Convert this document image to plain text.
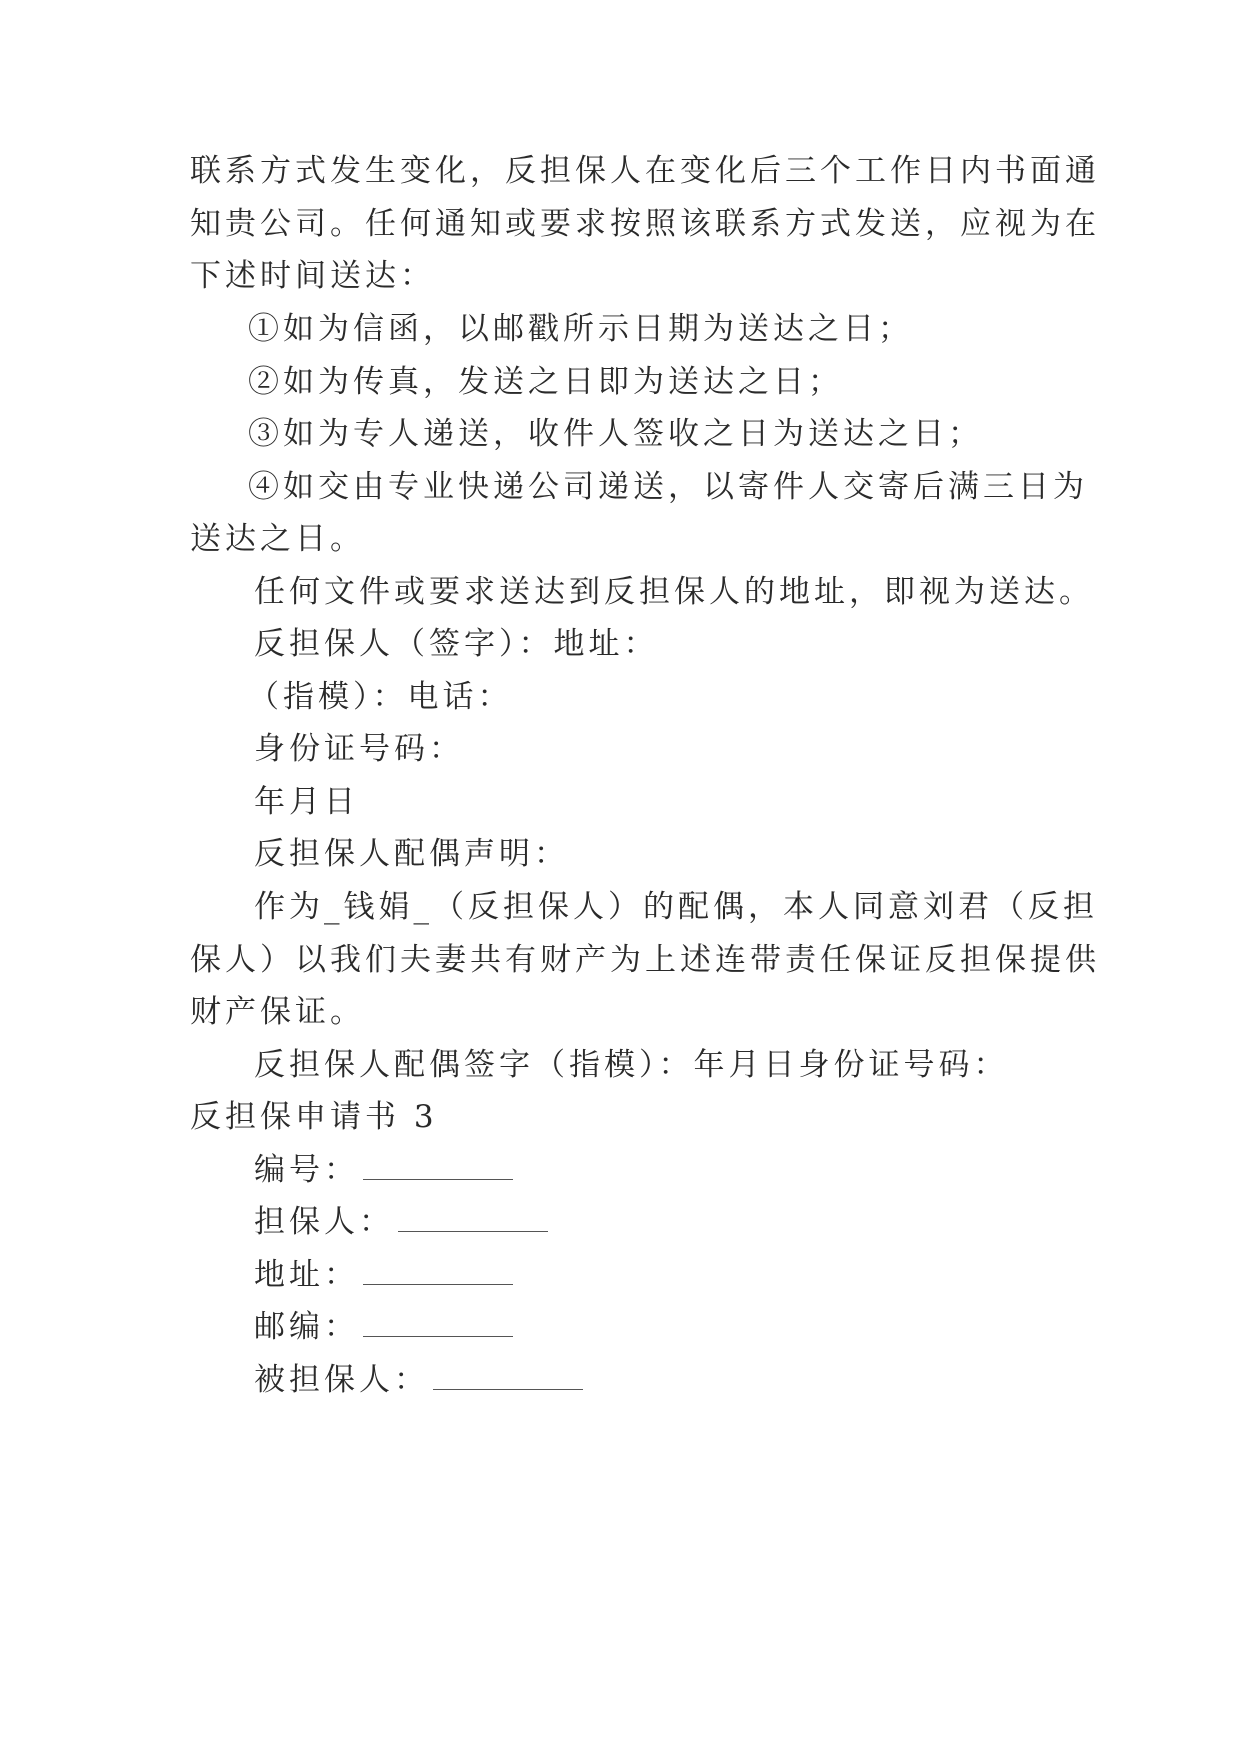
联系方式发生变化，反担保人在变化后三个工作日内书面通
知贵公司。任何通知或要求按照该联系方式发送，应视为在
下述时间送达：
①如为信函，以邮戳所示日期为送达之日；
②如为传真，发送之日即为送达之日；
③如为专人递送，收件人签收之日为送达之日；
④如交由专业快递公司递送，以寄件人交寄后满三日为
送达之日。
任何文件或要求送达到反担保人的地址，即视为送达。
反担保人（签字）：地址：
（指模）：电话：
身份证号码：
年月日
反担保人配偶声明：
作为_钱娟_（反担保人）的配偶，本人同意刘君（反担
保人）以我们夫妻共有财产为上述连带责任保证反担保提供
财产保证。
反担保人配偶签字（指模）：年月日身份证号码：
反担保申请书 3
编号：
担保人：
地址：
邮编：
被担保人：
